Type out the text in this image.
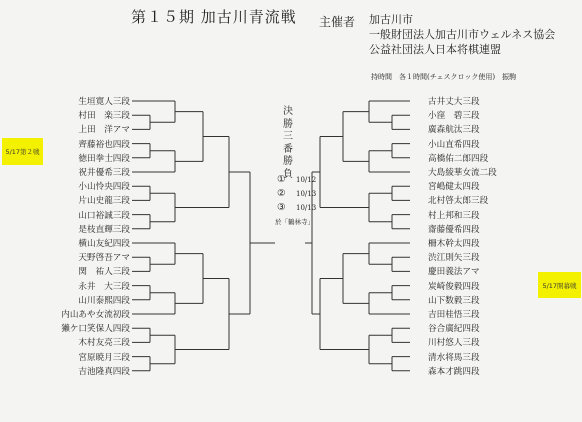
第１５期 加古川青流戦 主催者 加古川市
一般財団法人加古川市ウェルネス協会
公益社団法人日本将棋連盟
持時間　各１時間(チェスクロック使用)　振駒
5/17第２戦
5/17開幕戦
生垣寛人三段
村田　楽三段
上田　洋アマ
齊藤裕也四段
徳田拳士四段
祝井優希三段
小山怜央四段
片山史龍三段
山口裕誠三段
是枝直輝三段
横山友紀四段
天野啓吾アマ
関　祐人三段
永井　大三段
山川泰熙四段
内山あや女流初段
獺ケ口笑保人四段
木村友亮三段
宮原暁月三段
吉池隆真四段
古井丈大三段
小窪　碧三段
廣森航汰三段
小山直希四段
高橋佑二郎四段
大島綾華女流二段
宮嶋健太四段
北村啓太郎三段
村上邦和三段
齋藤優希四段
柵木幹太四段
渋江則矢三段
慶田義法アマ
炭崎俊毅四段
山下数毅三段
吉田桂悟三段
谷合廣紀四段
川村悠人三段
清水将馬三段
森本才跳四段
決
勝
三
番
勝
負
① 10/12
② 10/13
③ 10/13
於「鶴林寺」
